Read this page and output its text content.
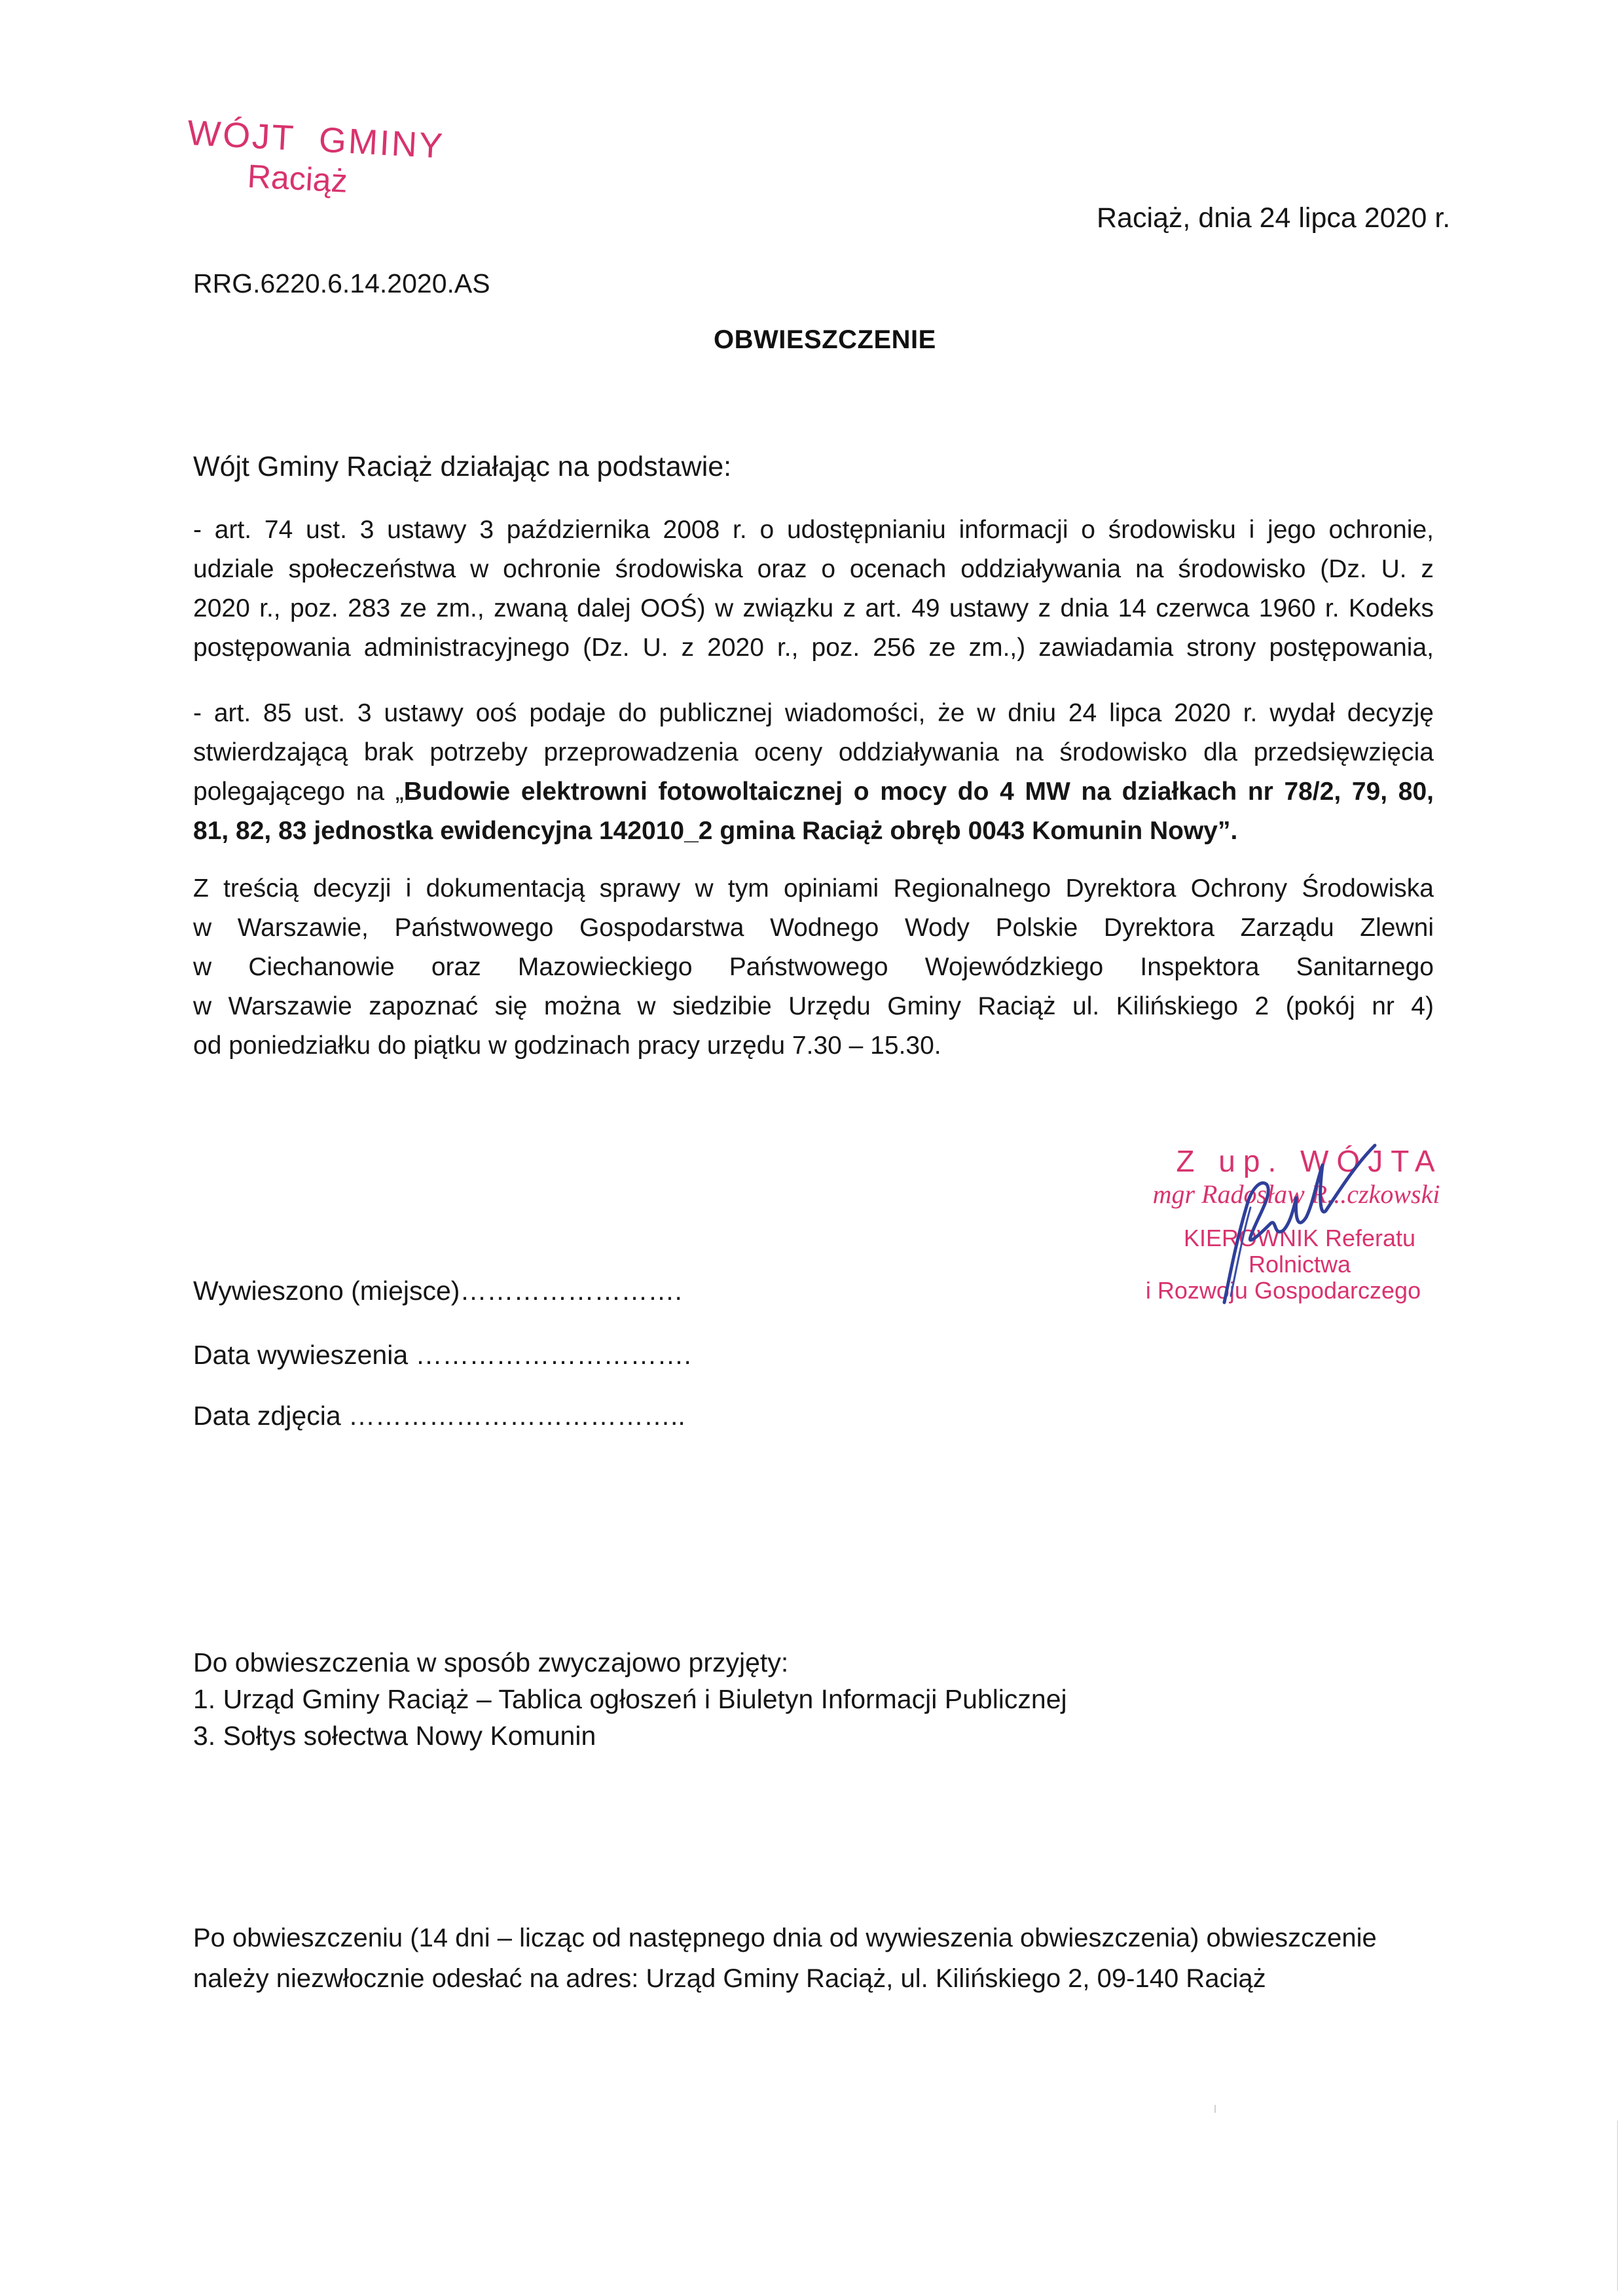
WÓJT GMINY
Raciąż
Raciąż, dnia 24 lipca 2020 r.
RRG.6220.6.14.2020.AS
OBWIESZCZENIE
Wójt Gminy Raciąż działając na podstawie:
- art. 74 ust. 3 ustawy 3 października 2008 r. o udostępnianiu informacji o środowisku i jego ochronie,
udziale społeczeństwa w ochronie środowiska oraz o ocenach oddziaływania na środowisko (Dz. U. z
2020 r., poz. 283 ze zm., zwaną dalej OOŚ) w związku z art. 49 ustawy z dnia 14 czerwca 1960 r. Kodeks
postępowania administracyjnego (Dz. U. z 2020 r., poz. 256 ze zm.,) zawiadamia strony postępowania,
- art. 85 ust. 3 ustawy ooś podaje do publicznej wiadomości, że w dniu 24 lipca 2020 r. wydał decyzję
stwierdzającą brak potrzeby przeprowadzenia oceny oddziaływania na środowisko dla przedsięwzięcia
polegającego na „Budowie elektrowni fotowoltaicznej o mocy do 4 MW na działkach nr 78/2, 79, 80,
81, 82, 83 jednostka ewidencyjna 142010_2 gmina Raciąż obręb 0043 Komunin Nowy”.
Z treścią decyzji i dokumentacją sprawy w tym opiniami Regionalnego Dyrektora Ochrony Środowiska
w Warszawie, Państwowego Gospodarstwa Wodnego Wody Polskie Dyrektora Zarządu Zlewni
w Ciechanowie oraz Mazowieckiego Państwowego Wojewódzkiego Inspektora Sanitarnego
w Warszawie zapoznać się można w siedzibie Urzędu Gminy Raciąż ul. Kilińskiego 2 (pokój nr 4)
od poniedziałku do piątku w godzinach pracy urzędu 7.30 – 15.30.
Z up. WÓJTA
mgr Radosław R...czkowski
KIEROWNIK Referatu Rolnictwa
i Rozwoju Gospodarczego
Wywieszono (miejsce)…………………….
Data wywieszenia ………………………….
Data zdjęcia ………………………………..
Do obwieszczenia w sposób zwyczajowo przyjęty:
1. Urząd Gminy Raciąż – Tablica ogłoszeń i Biuletyn Informacji Publicznej
3. Sołtys sołectwa Nowy Komunin
Po obwieszczeniu (14 dni – licząc od następnego dnia od wywieszenia obwieszczenia) obwieszczenie
należy niezwłocznie odesłać na adres: Urząd Gminy Raciąż, ul. Kilińskiego 2, 09-140 Raciąż
